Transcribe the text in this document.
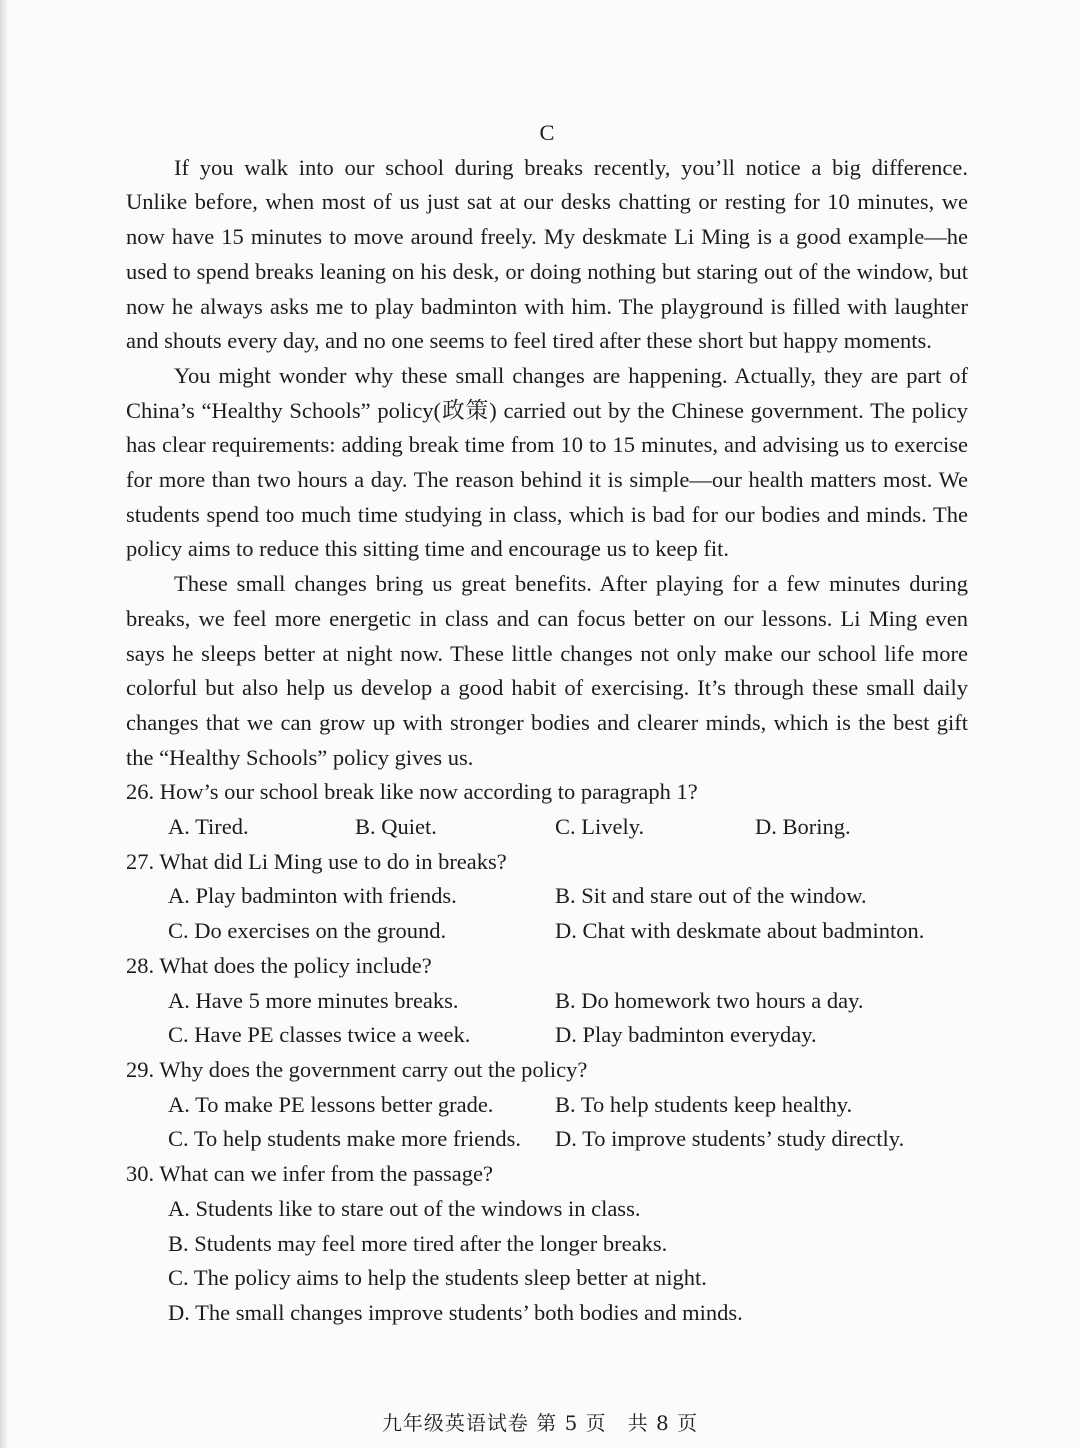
C

If you walk into our school during breaks recently, you’ll notice a big difference. Unlike before, when most of us just sat at our desks chatting or resting for 10 minutes, we now have 15 minutes to move around freely. My deskmate Li Ming is a good example—he used to spend breaks leaning on his desk, or doing nothing but staring out of the window, but now he always asks me to play badminton with him. The playground is filled with laughter and shouts every day, and no one seems to feel tired after these short but happy moments.

You might wonder why these small changes are happening. Actually, they are part of China’s “Healthy Schools” policy(政策) carried out by the Chinese government. The policy has clear requirements: adding break time from 10 to 15 minutes, and advising us to exercise for more than two hours a day. The reason behind it is simple—our health matters most. We students spend too much time studying in class, which is bad for our bodies and minds. The policy aims to reduce this sitting time and encourage us to keep fit.

These small changes bring us great benefits. After playing for a few minutes during breaks, we feel more energetic in class and can focus better on our lessons. Li Ming even says he sleeps better at night now. These little changes not only make our school life more colorful but also help us develop a good habit of exercising. It’s through these small daily changes that we can grow up with stronger bodies and clearer minds, which is the best gift the “Healthy Schools” policy gives us.

26. How’s our school break like now according to paragraph 1?

A. Tired.	B. Quiet.	C. Lively.	D. Boring.

27. What did Li Ming use to do in breaks?

A. Play badminton with friends.	B. Sit and stare out of the window.
C. Do exercises on the ground.	D. Chat with deskmate about badminton.

28. What does the policy include?

A. Have 5 more minutes breaks.	B. Do homework two hours a day.
C. Have PE classes twice a week.	D. Play badminton everyday.

29. Why does the government carry out the policy?

A. To make PE lessons better grade.	B. To help students keep healthy.
C. To help students make more friends.	D. To improve students’ study directly.

30. What can we infer from the passage?

A. Students like to stare out of the windows in class.

B. Students may feel more tired after the longer breaks.

C. The policy aims to help the students sleep better at night.

D. The small changes improve students’ both bodies and minds.

九年级英语试卷 第 5 页　共 8 页
